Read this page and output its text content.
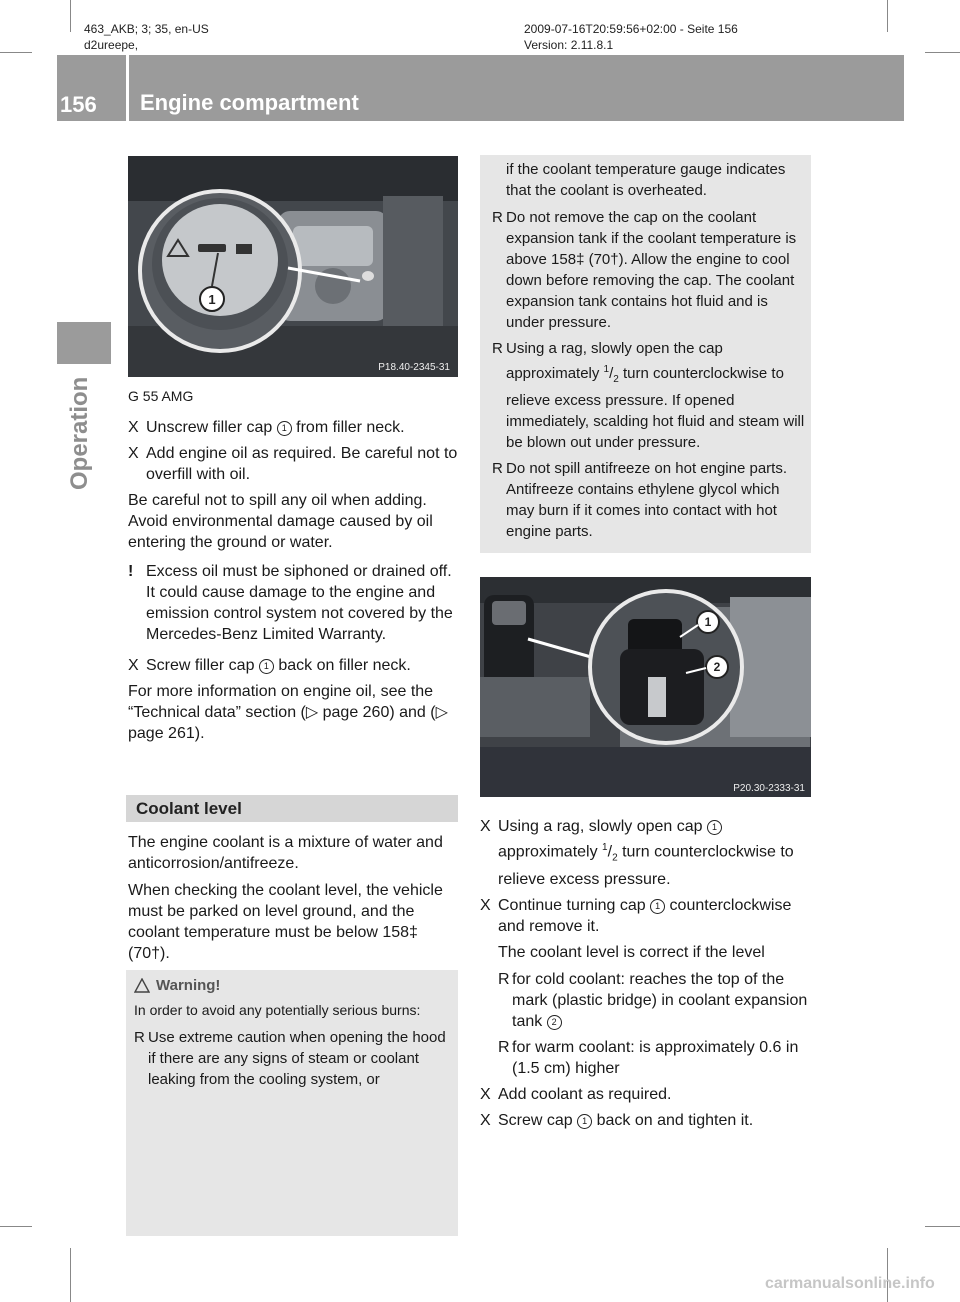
463_AKB; 3; 35, en-US
d2ureepe,
2009-07-16T20:59:56+02:00 - Seite 156
Version: 2.11.8.1
156	Engine compartment
Operation
1
P18.40-2345-31

G 55 AMG

X Unscrew filler cap 1 from filler neck.
X Add engine oil as required. Be careful not to overfill with oil.

Be careful not to spill any oil when adding. Avoid environmental damage caused by oil entering the ground or water.

! Excess oil must be siphoned or drained off. It could cause damage to the engine and emission control system not covered by the Mercedes-Benz Limited Warranty.
X Screw filler cap 1 back on filler neck.

For more information on engine oil, see the “Technical data” section (▷ page 260) and (▷ page 261).

Coolant level

The engine coolant is a mixture of water and anticorrosion/antifreeze.

When checking the coolant level, the vehicle must be parked on level ground, and the coolant temperature must be below 158‡ (70†).

Warning!

In order to avoid any potentially serious burns:

R Use extreme caution when opening the hood if there are any signs of steam or coolant leaking from the cooling system, or

if the coolant temperature gauge indicates that the coolant is overheated.

R Do not remove the cap on the coolant expansion tank if the coolant temperature is above 158‡ (70†). Allow the engine to cool down before removing the cap. The coolant expansion tank contains hot fluid and is under pressure.
R Using a rag, slowly open the cap approximately $^1/_2$ turn counterclockwise to relieve excess pressure. If opened immediately, scalding hot fluid and steam will be blown out under pressure.
R Do not spill antifreeze on hot engine parts. Antifreeze contains ethylene glycol which may burn if it comes into contact with hot engine parts.
1
2
P20.30-2333-31
X Using a rag, slowly open cap 1 approximately $^1/_2$ turn counterclockwise to relieve excess pressure.
X Continue turning cap 1 counterclockwise and remove it.

The coolant level is correct if the level

R for cold coolant: reaches the top of the mark (plastic bridge) in coolant expansion tank 2
R for warm coolant: is approximately 0.6 in (1.5 cm) higher
X Add coolant as required.
X Screw cap 1 back on and tighten it.
carmanualsonline.info
